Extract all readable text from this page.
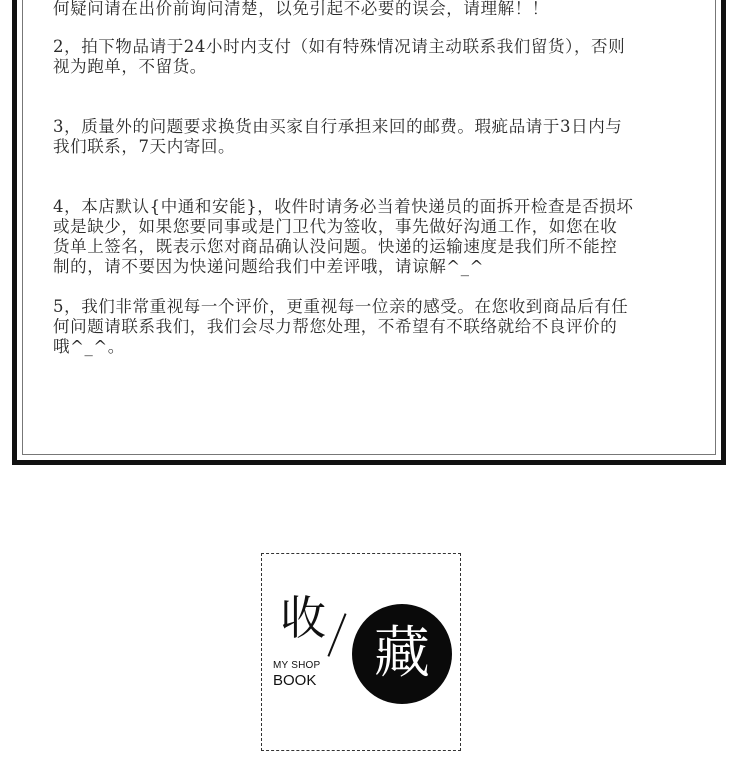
何疑问请在出价前询问清楚，以免引起不必要的误会，请理解！！
2，拍下物品请于24小时内支付（如有特殊情况请主动联系我们留货），否则
视为跑单，不留货。
3，质量外的问题要求换货由买家自行承担来回的邮费。瑕疵品请于3日内与
我们联系，7天内寄回。
4，本店默认{中通和安能}，收件时请务必当着快递员的面拆开检查是否损坏
或是缺少，如果您要同事或是门卫代为签收，事先做好沟通工作，如您在收
货单上签名，既表示您对商品确认没问题。快递的运输速度是我们所不能控
制的，请不要因为快递问题给我们中差评哦，请谅解^_^
5，我们非常重视每一个评价，更重视每一位亲的感受。在您收到商品后有任
何问题请联系我们，我们会尽力帮您处理，不希望有不联络就给不良评价的
哦^_^。
收
MY SHOP
BOOK	藏
